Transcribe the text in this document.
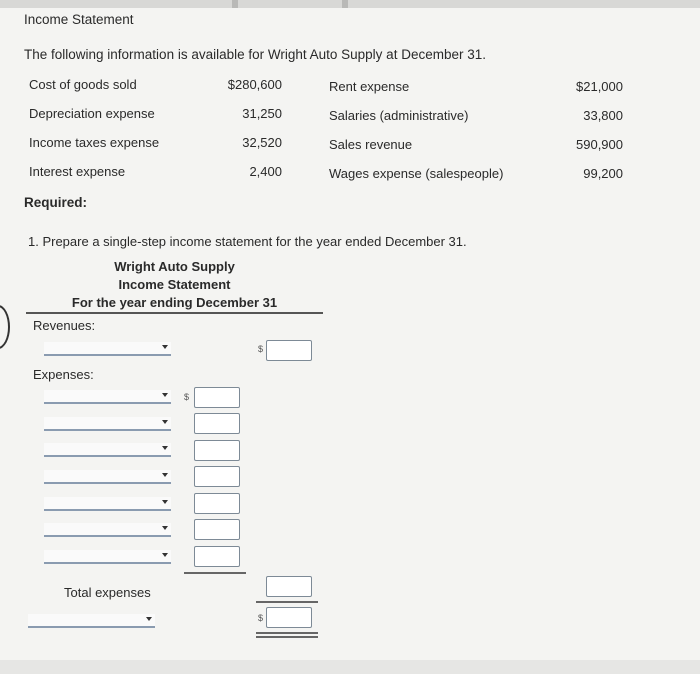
Income Statement
The following information is available for Wright Auto Supply at December 31.
Cost of goods sold	$280,600
Depreciation expense	31,250
Income taxes expense	32,520
Interest expense	2,400
Rent expense	$21,000
Salaries (administrative)	33,800
Sales revenue	590,900
Wages expense (salespeople)	99,200
Required:
1. Prepare a single-step income statement for the year ended December 31.
Wright Auto Supply
Income Statement
For the year ending December 31
Revenues:
$
Expenses:
$
Total expenses
$
